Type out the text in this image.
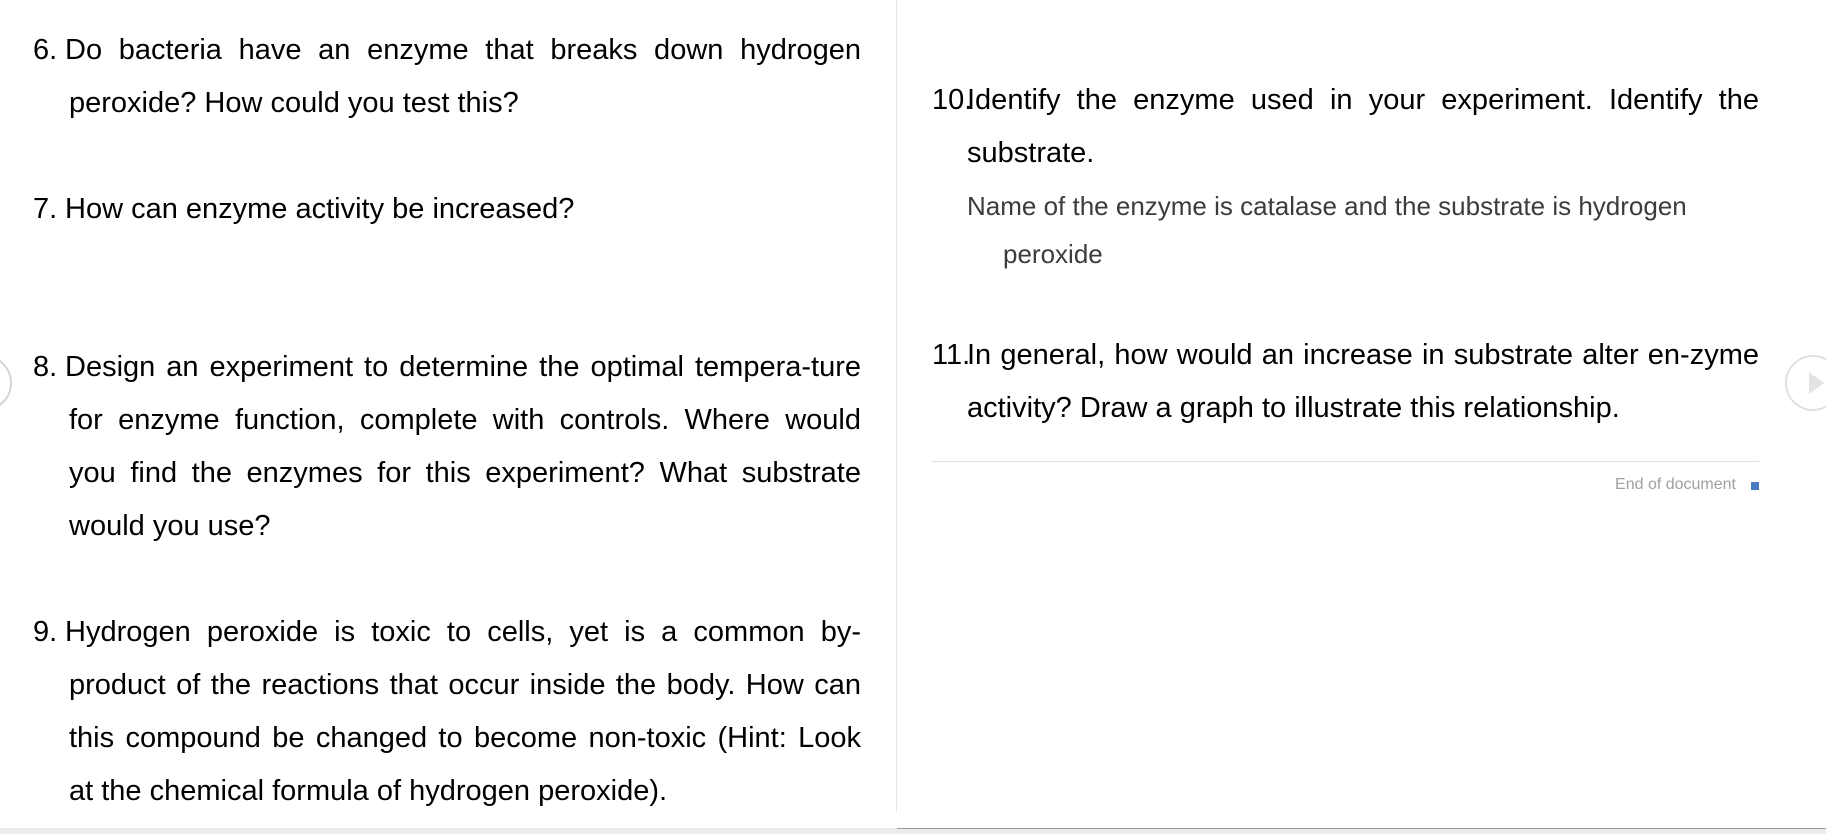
6. Do bacteria have an enzyme that breaks down hydrogen peroxide? How could you test this?
7. How can enzyme activity be increased?
8. Design an experiment to determine the optimal tempera-ture for enzyme function, complete with controls. Where would you find the enzymes for this experiment? What substrate would you use?
9. Hydrogen peroxide is toxic to cells, yet is a common by-product of the reactions that occur inside the body. How can this compound be changed to become non-toxic (Hint: Look at the chemical formula of hydrogen peroxide).
10.
Identify the enzyme used in your experiment. Identify the substrate.
Name of the enzyme is catalase and the substrate is hydrogen
peroxide
11.
In general, how would an increase in substrate alter en-zyme activity? Draw a graph to illustrate this relationship.
End of document
